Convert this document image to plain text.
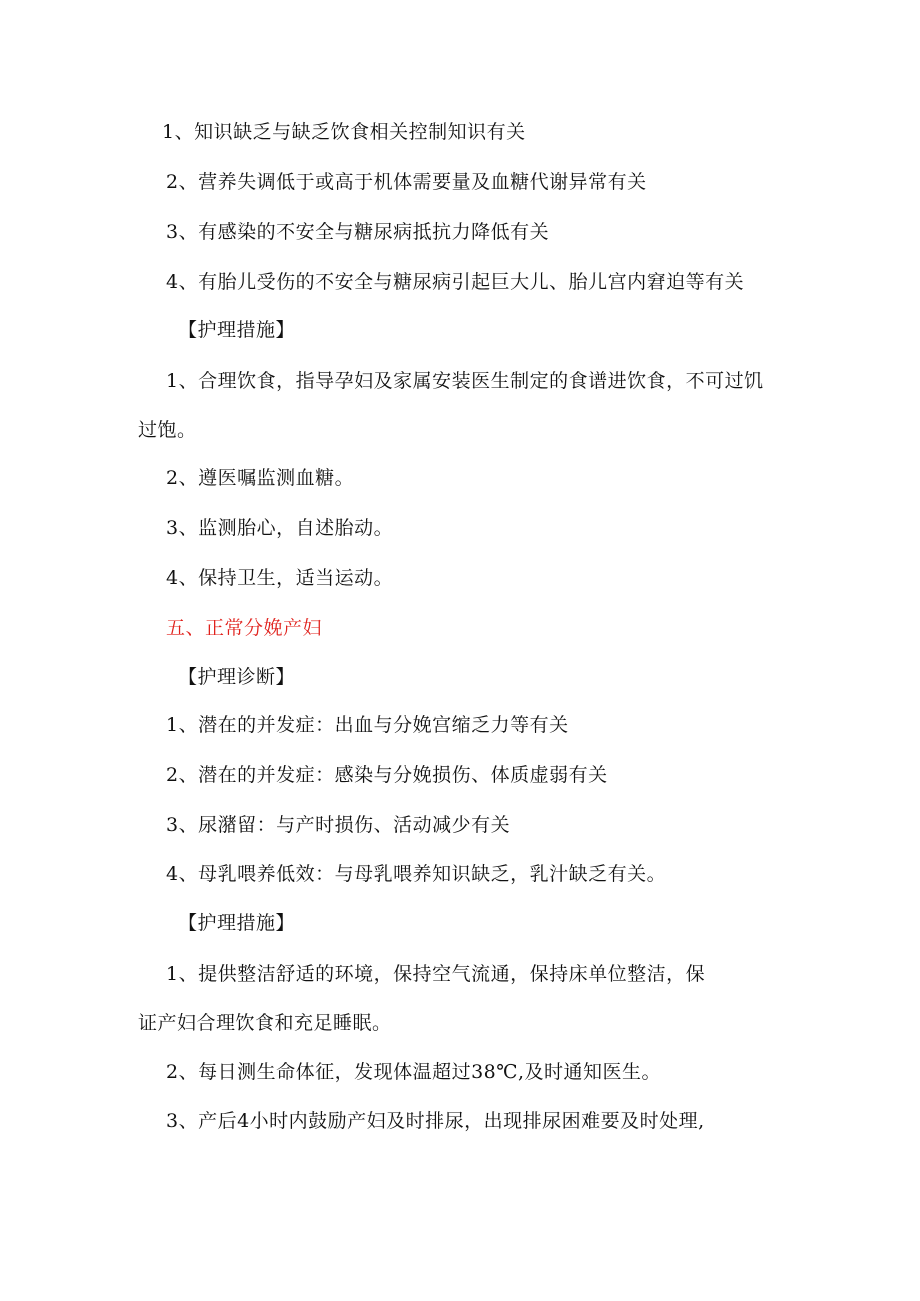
1、知识缺乏与缺乏饮食相关控制知识有关
2、营养失调低于或高于机体需要量及血糖代谢异常有关
3、有感染的不安全与糖尿病抵抗力降低有关
4、有胎儿受伤的不安全与糖尿病引起巨大儿、胎儿宫内窘迫等有关
【护理措施】
1、合理饮食，指导孕妇及家属安装医生制定的食谱进饮食，不可过饥
过饱。
2、遵医嘱监测血糖。
3、监测胎心，自述胎动。
4、保持卫生，适当运动。
五、正常分娩产妇
【护理诊断】
1、潜在的并发症：出血与分娩宫缩乏力等有关
2、潜在的并发症：感染与分娩损伤、体质虚弱有关
3、尿潴留：与产时损伤、活动减少有关
4、母乳喂养低效：与母乳喂养知识缺乏，乳汁缺乏有关。
【护理措施】
1、提供整洁舒适的环境，保持空气流通，保持床单位整洁，保
证产妇合理饮食和充足睡眠。
2、每日测生命体征，发现体温超过38℃,及时通知医生。
3、产后4小时内鼓励产妇及时排尿，出现排尿困难要及时处理,
